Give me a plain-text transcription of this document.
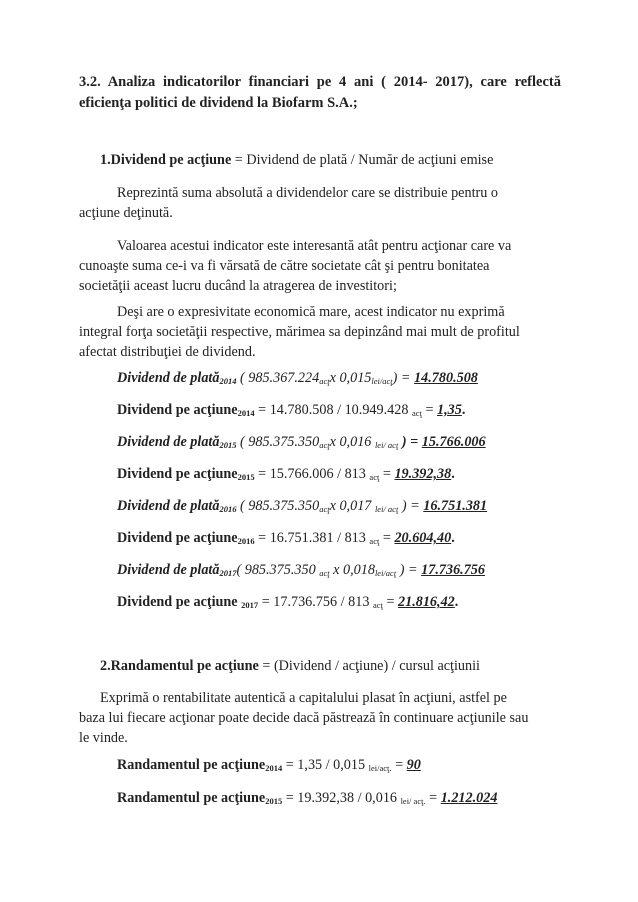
3.2. Analiza indicatorilor financiari pe 4 ani ( 2014- 2017), care reflectă eficienţa politici de dividend la Biofarm S.A.;
1.Dividend pe acţiune = Dividend de plată / Număr de acţiuni emise
Reprezintă suma absolută a dividendelor care se distribuie pentru o
acţiune deţinută.
Valoarea acestui indicator este interesantă atât pentru acţionar care va
cunoaşte suma ce-i va fi vărsată de către societate cât şi pentru bonitatea
societăţii aceast lucru ducând la atragerea de investitori;
Deşi are o expresivitate economică mare, acest indicator nu exprimă
integral forţa societăţii respective, mărimea sa depinzând mai mult de profitul
afectat distribuţiei de dividend.
Dividend de plată$_{2014}$ ( $985.367.224_{acţ}x$ $0,015_{lei/acţ}) = 14.780.508$
Dividend pe acţiune$_{2014}$ = 14.780.508 / 10.949.428 $_{acţ}$ = 1,35.
Dividend de plată$_{2015}$ ( $985.375.350_{acţ}x$ 0,016 $_{lei/ acţ}$ ) = 15.766.006
Dividend pe acţiune$_{2015}$ = 15.766.006 / 813 $_{acţ}$ = 19.392,38.
Dividend de plată$_{2016}$ ( $985.375.350_{acţ}x$ 0,017 $_{lei/ acţ}$ ) = 16.751.381
Dividend pe acţiune$_{2016}$ = 16.751.381 / 813 $_{acţ}$ = 20.604,40.
Dividend de plată$_{2017}$( 985.375.350 $_{acţ}$ x $0,018_{lei/acţ}$ ) = 17.736.756
Dividend pe acţiune $_{2017}$ = 17.736.756 / 813 $_{acţ}$ = 21.816,42.
2.Randamentul pe acţiune = (Dividend / acţiune) / cursul acţiunii
Exprimă o rentabilitate autentică a capitalului plasat în acţiuni, astfel pe
baza lui fiecare acţionar poate decide dacă păstrează în continuare acţiunile sau
le vinde.
Randamentul pe acţiune$_{2014}$ = 1,35 / 0,015 $_{lei/acţ.}$ = 90
Randamentul pe acţiune$_{2015}$ = 19.392,38 / 0,016 $_{lei/ acţ.}$ = 1.212.024
